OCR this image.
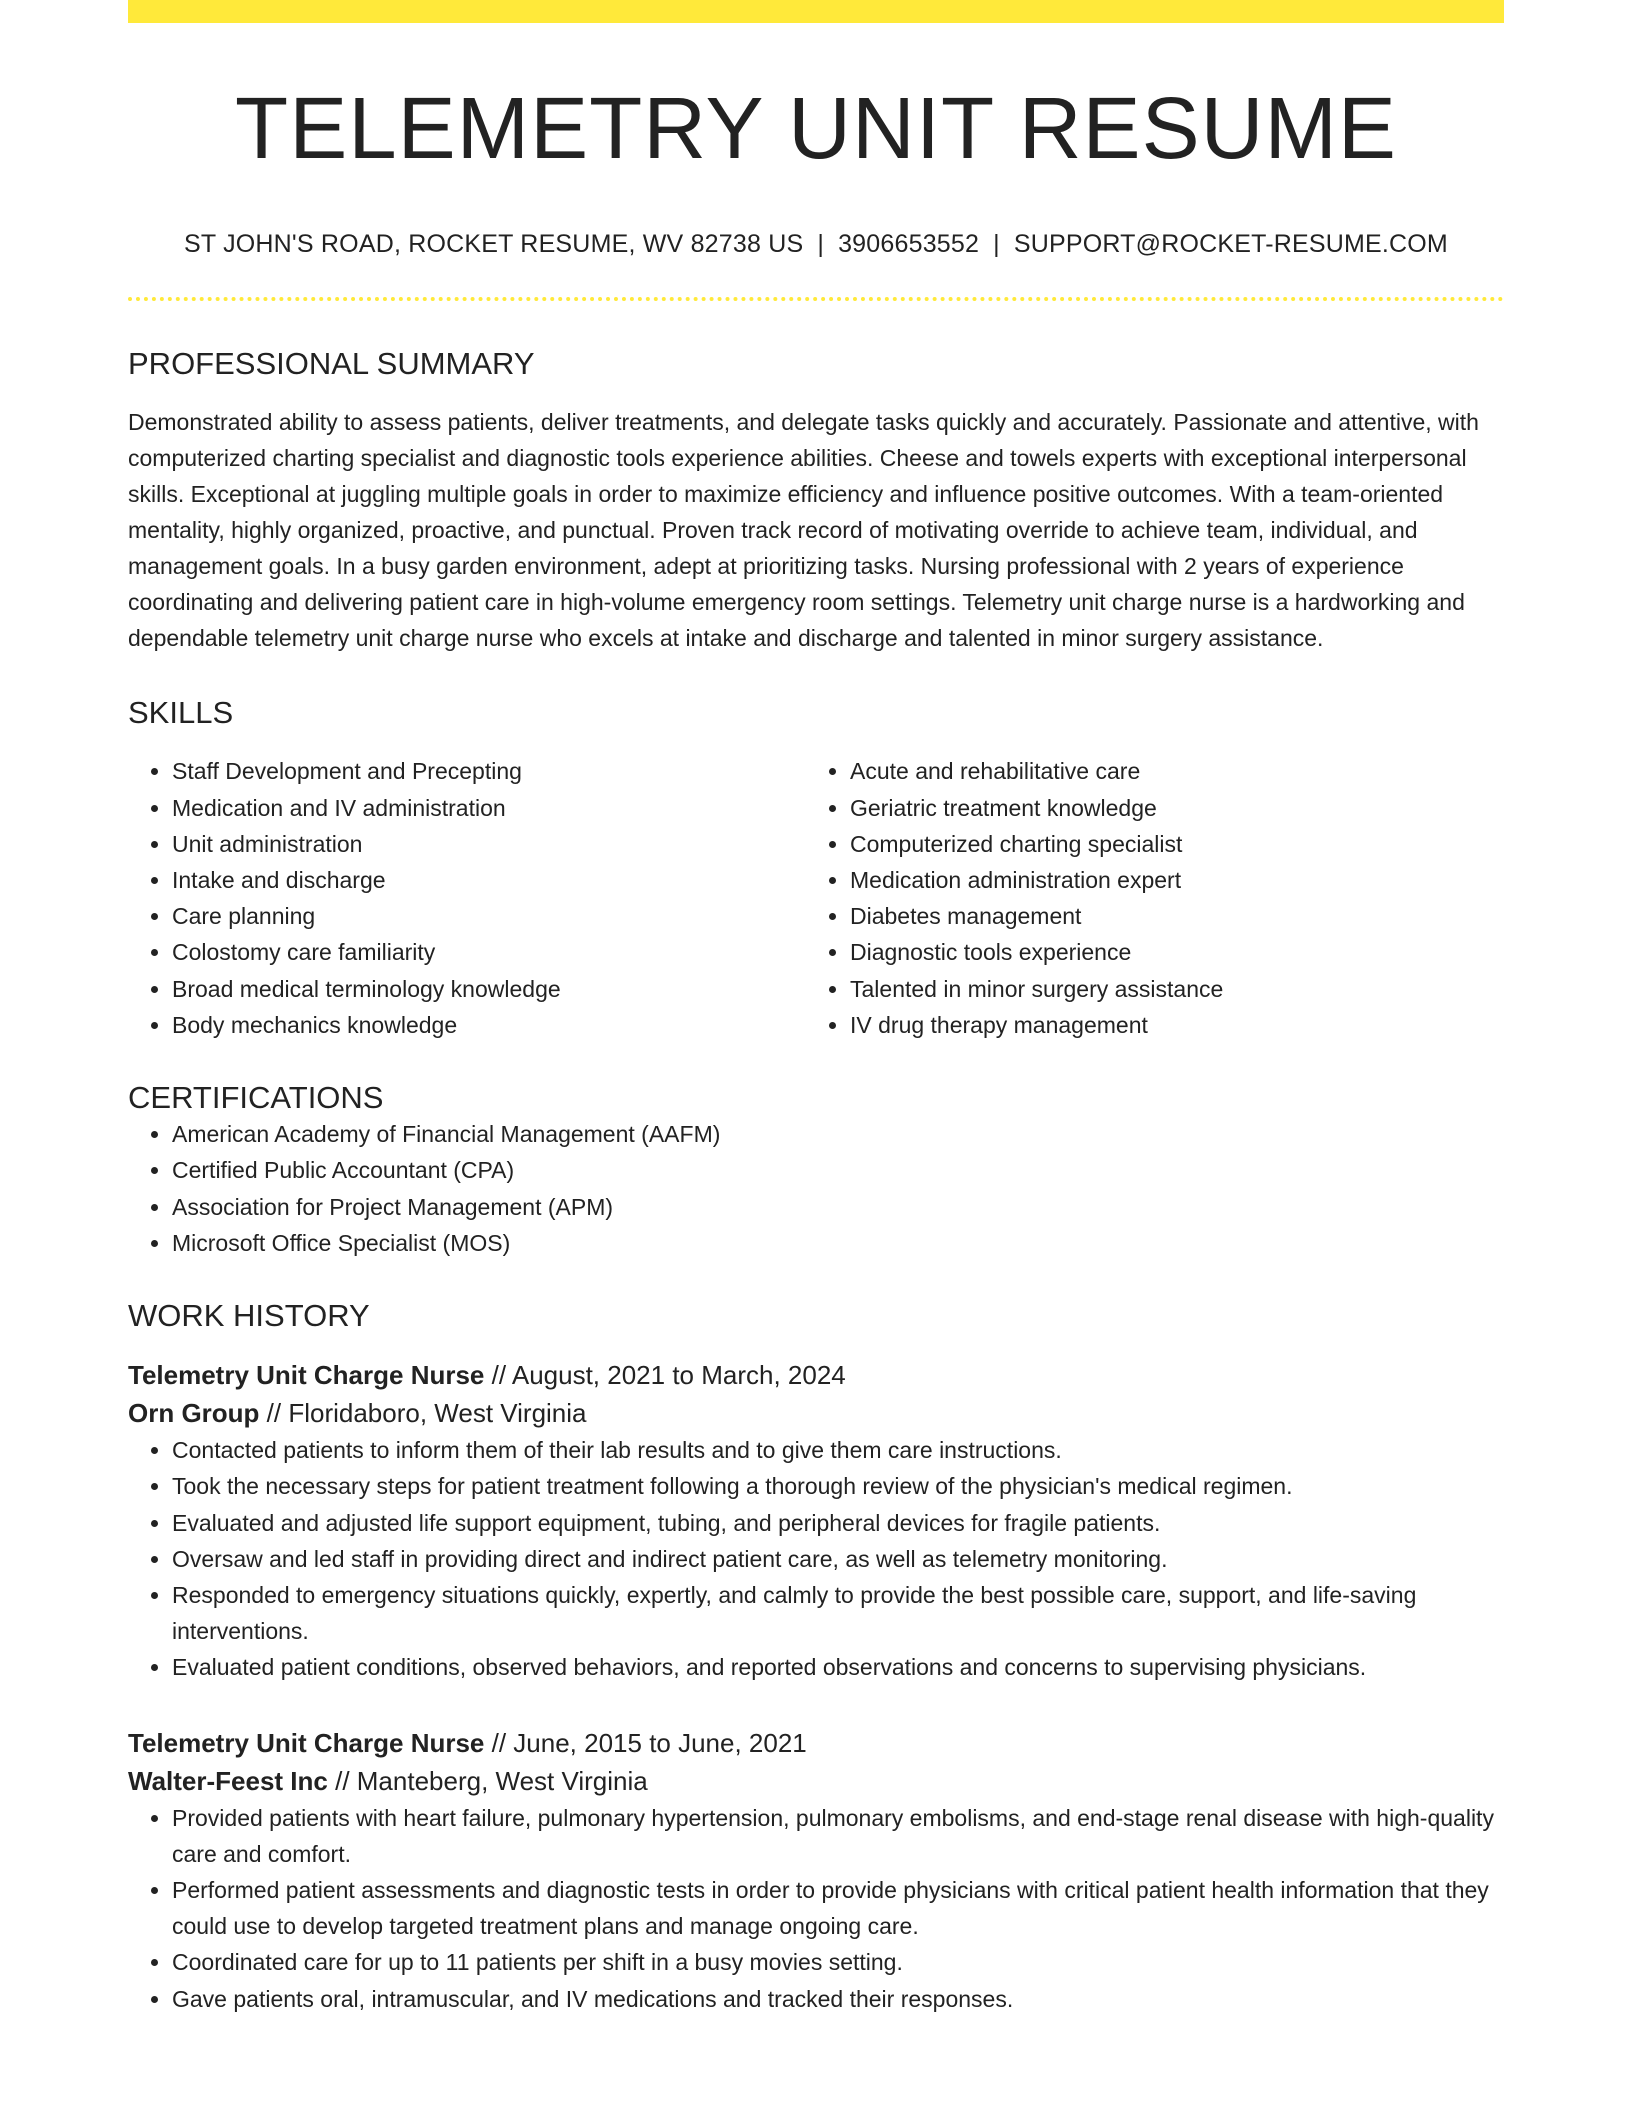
TELEMETRY UNIT RESUME
ST JOHN'S ROAD, ROCKET RESUME, WV 82738 US | 3906653552 | SUPPORT@ROCKET-RESUME.COM
PROFESSIONAL SUMMARY
Demonstrated ability to assess patients, deliver treatments, and delegate tasks quickly and accurately. Passionate and attentive, with computerized charting specialist and diagnostic tools experience abilities. Cheese and towels experts with exceptional interpersonal skills. Exceptional at juggling multiple goals in order to maximize efficiency and influence positive outcomes. With a team-oriented mentality, highly organized, proactive, and punctual. Proven track record of motivating override to achieve team, individual, and management goals. In a busy garden environment, adept at prioritizing tasks. Nursing professional with 2 years of experience coordinating and delivering patient care in high-volume emergency room settings. Telemetry unit charge nurse is a hardworking and dependable telemetry unit charge nurse who excels at intake and discharge and talented in minor surgery assistance.
SKILLS
• Staff Development and Precepting
• Medication and IV administration
• Unit administration
• Intake and discharge
• Care planning
• Colostomy care familiarity
• Broad medical terminology knowledge
• Body mechanics knowledge
• Acute and rehabilitative care
• Geriatric treatment knowledge
• Computerized charting specialist
• Medication administration expert
• Diabetes management
• Diagnostic tools experience
• Talented in minor surgery assistance
• IV drug therapy management
CERTIFICATIONS
• American Academy of Financial Management (AAFM)
• Certified Public Accountant (CPA)
• Association for Project Management (APM)
• Microsoft Office Specialist (MOS)
WORK HISTORY
Telemetry Unit Charge Nurse // August, 2021 to March, 2024
Orn Group // Floridaboro, West Virginia
• Contacted patients to inform them of their lab results and to give them care instructions.
• Took the necessary steps for patient treatment following a thorough review of the physician's medical regimen.
• Evaluated and adjusted life support equipment, tubing, and peripheral devices for fragile patients.
• Oversaw and led staff in providing direct and indirect patient care, as well as telemetry monitoring.
• Responded to emergency situations quickly, expertly, and calmly to provide the best possible care, support, and life-saving interventions.
• Evaluated patient conditions, observed behaviors, and reported observations and concerns to supervising physicians.
Telemetry Unit Charge Nurse // June, 2015 to June, 2021
Walter-Feest Inc // Manteberg, West Virginia
• Provided patients with heart failure, pulmonary hypertension, pulmonary embolisms, and end-stage renal disease with high-quality care and comfort.
• Performed patient assessments and diagnostic tests in order to provide physicians with critical patient health information that they could use to develop targeted treatment plans and manage ongoing care.
• Coordinated care for up to 11 patients per shift in a busy movies setting.
• Gave patients oral, intramuscular, and IV medications and tracked their responses.
